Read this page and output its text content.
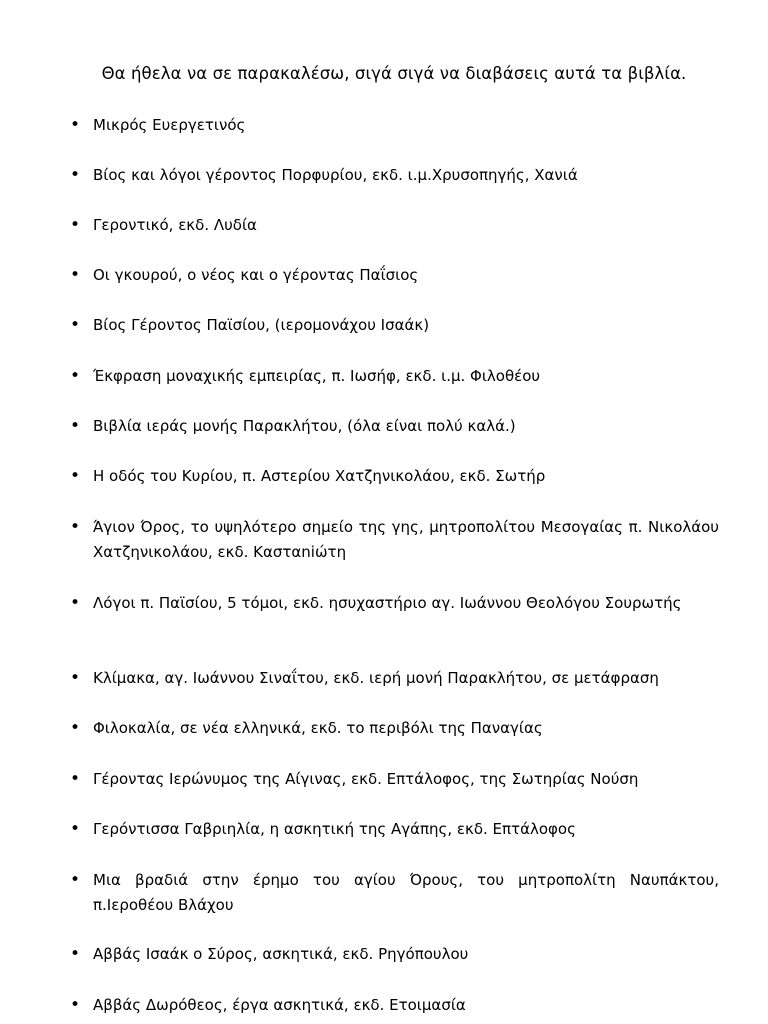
Θα ήθελα να σε παρακαλέσω, σιγά σιγά να διαβάσεις αυτά τα βιβλία.
• Μικρός Ευεργετινός
• Βίος και λόγοι γέροντος Πορφυρίου, εκδ. ι.μ.Χρυσοπηγής, Χανιά
• Γεροντικό, εκδ. Λυδία
• Οι γκουρού, ο νέος και ο γέροντας Παΐσιος
• Βίος Γέροντος Παϊσίου, (ιερομονάχου Ισαάκ)
• Έκφραση μοναχικής εμπειρίας, π. Ιωσήφ, εκδ. ι.μ. Φιλοθέου
• Βιβλία ιεράς μονής Παρακλήτου, (όλα είναι πολύ καλά.)
• Η οδός του Κυρίου, π. Αστερίου Χατζηνικολάου, εκδ. Σωτήρ
• Άγιον Όρος, το υψηλότερο σημείο της γης, μητροπολίτου Μεσογαίας π. Νικολάου Χατζηνικολάου, εκδ. Κασταniώτη
• Λόγοι π. Παϊσίου, 5 τόμοι, εκδ. ησυχαστήριο αγ. Ιωάννου Θεολόγου Σουρωτής
• Κλίμακα, αγ. Ιωάννου Σιναΐτου, εκδ. ιερή μονή Παρακλήτου, σε μετάφραση
• Φιλοκαλία, σε νέα ελληνικά, εκδ. το περιβόλι της Παναγίας
• Γέροντας Ιερώνυμος της Αίγινας, εκδ. Επτάλοφος, της Σωτηρίας Νούση
• Γερόντισσα Γαβριηλία, η ασκητική της Αγάπης, εκδ. Επτάλοφος
• Μια βραδιά στην έρημο του αγίου Όρους, του μητροπολίτη Ναυπάκτου, π.Ιεροθέου Βλάχου
• Αββάς Ισαάκ ο Σύρος, ασκητικά, εκδ. Ρηγόπουλου
• Αββάς Δωρόθεος, έργα ασκητικά, εκδ. Ετοιμασία
